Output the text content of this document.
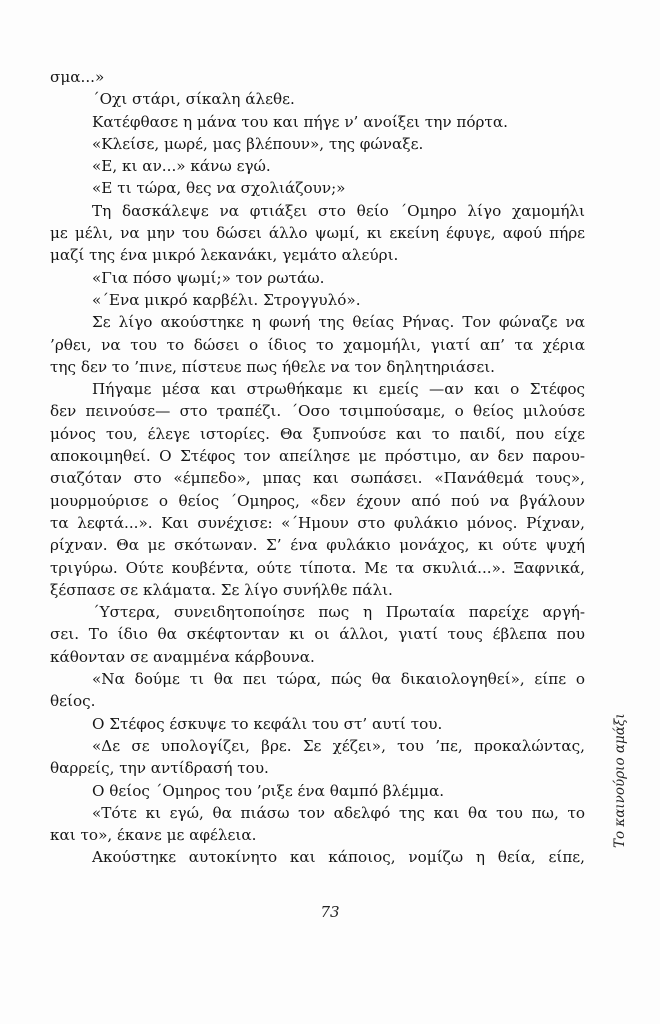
σμα...»
΄Οχι στάρι, σίκαλη άλεθε.
Κατέφθασε η μάνα του και πήγε ν’ ανοίξει την πόρτα.
«Κλείσε, μωρέ, μας βλέπουν», της φώναξε.
«Ε, κι αν...» κάνω εγώ.
«Ε τι τώρα, θες να σχολιάζουν;»
Τη δασκάλεψε να φτιάξει στο θείο ΄Ομηρο λίγο χαμομήλι
με μέλι, να μην του δώσει άλλο ψωμί, κι εκείνη έφυγε, αφού πήρε
μαζί της ένα μικρό λεκανάκι, γεμάτο αλεύρι.
«Για πόσο ψωμί;» τον ρωτάω.
«΄Ενα μικρό καρβέλι. Στρογγυλό».
Σε λίγο ακούστηκε η φωνή της θείας Ρήνας. Τον φώναζε να
’ρθει, να του το δώσει ο ίδιος το χαμομήλι, γιατί απ’ τα χέρια
της δεν το ’πινε, πίστευε πως ήθελε να τον δηλητηριάσει.
Πήγαμε μέσα και στρωθήκαμε κι εμείς —αν και ο Στέφος
δεν πεινούσε— στο τραπέζι. ΄Οσο τσιμπούσαμε, ο θείος μιλούσε
μόνος του, έλεγε ιστορίες. Θα ξυπνούσε και το παιδί, που είχε
αποκοιμηθεί. Ο Στέφος τον απείλησε με πρόστιμο, αν δεν παρου-
σιαζόταν στο «έμπεδο», μπας και σωπάσει. «Πανάθεμά τους»,
μουρμούρισε ο θείος ΄Ομηρος, «δεν έχουν από πού να βγάλουν
τα λεφτά...». Και συνέχισε: «΄Ημουν στο φυλάκιο μόνος. Ρίχναν,
ρίχναν. Θα με σκότωναν. Σ’ ένα φυλάκιο μονάχος, κι ούτε ψυχή
τριγύρω. Ούτε κουβέντα, ούτε τίποτα. Με τα σκυλιά...». Ξαφνικά,
ξέσπασε σε κλάματα. Σε λίγο συνήλθε πάλι.
΄Υστερα, συνειδητοποίησε πως η Πρωταία παρείχε αργή-
σει. Το ίδιο θα σκέφτονταν κι οι άλλοι, γιατί τους έβλεπα που
κάθονταν σε αναμμένα κάρβουνα.
«Να δούμε τι θα πει τώρα, πώς θα δικαιολογηθεί», είπε ο
θείος.
Ο Στέφος έσκυψε το κεφάλι του στ’ αυτί του.
«Δε σε υπολογίζει, βρε. Σε χέζει», του ’πε, προκαλώντας,
θαρρείς, την αντίδρασή του.
Ο θείος ΄Ομηρος του ’ριξε ένα θαμπό βλέμμα.
«Τότε κι εγώ, θα πιάσω τον αδελφό της και θα του πω, το
και το», έκανε με αφέλεια.
Ακούστηκε αυτοκίνητο και κάποιος, νομίζω η θεία, είπε,
73
Το καινούριο αμάξι
